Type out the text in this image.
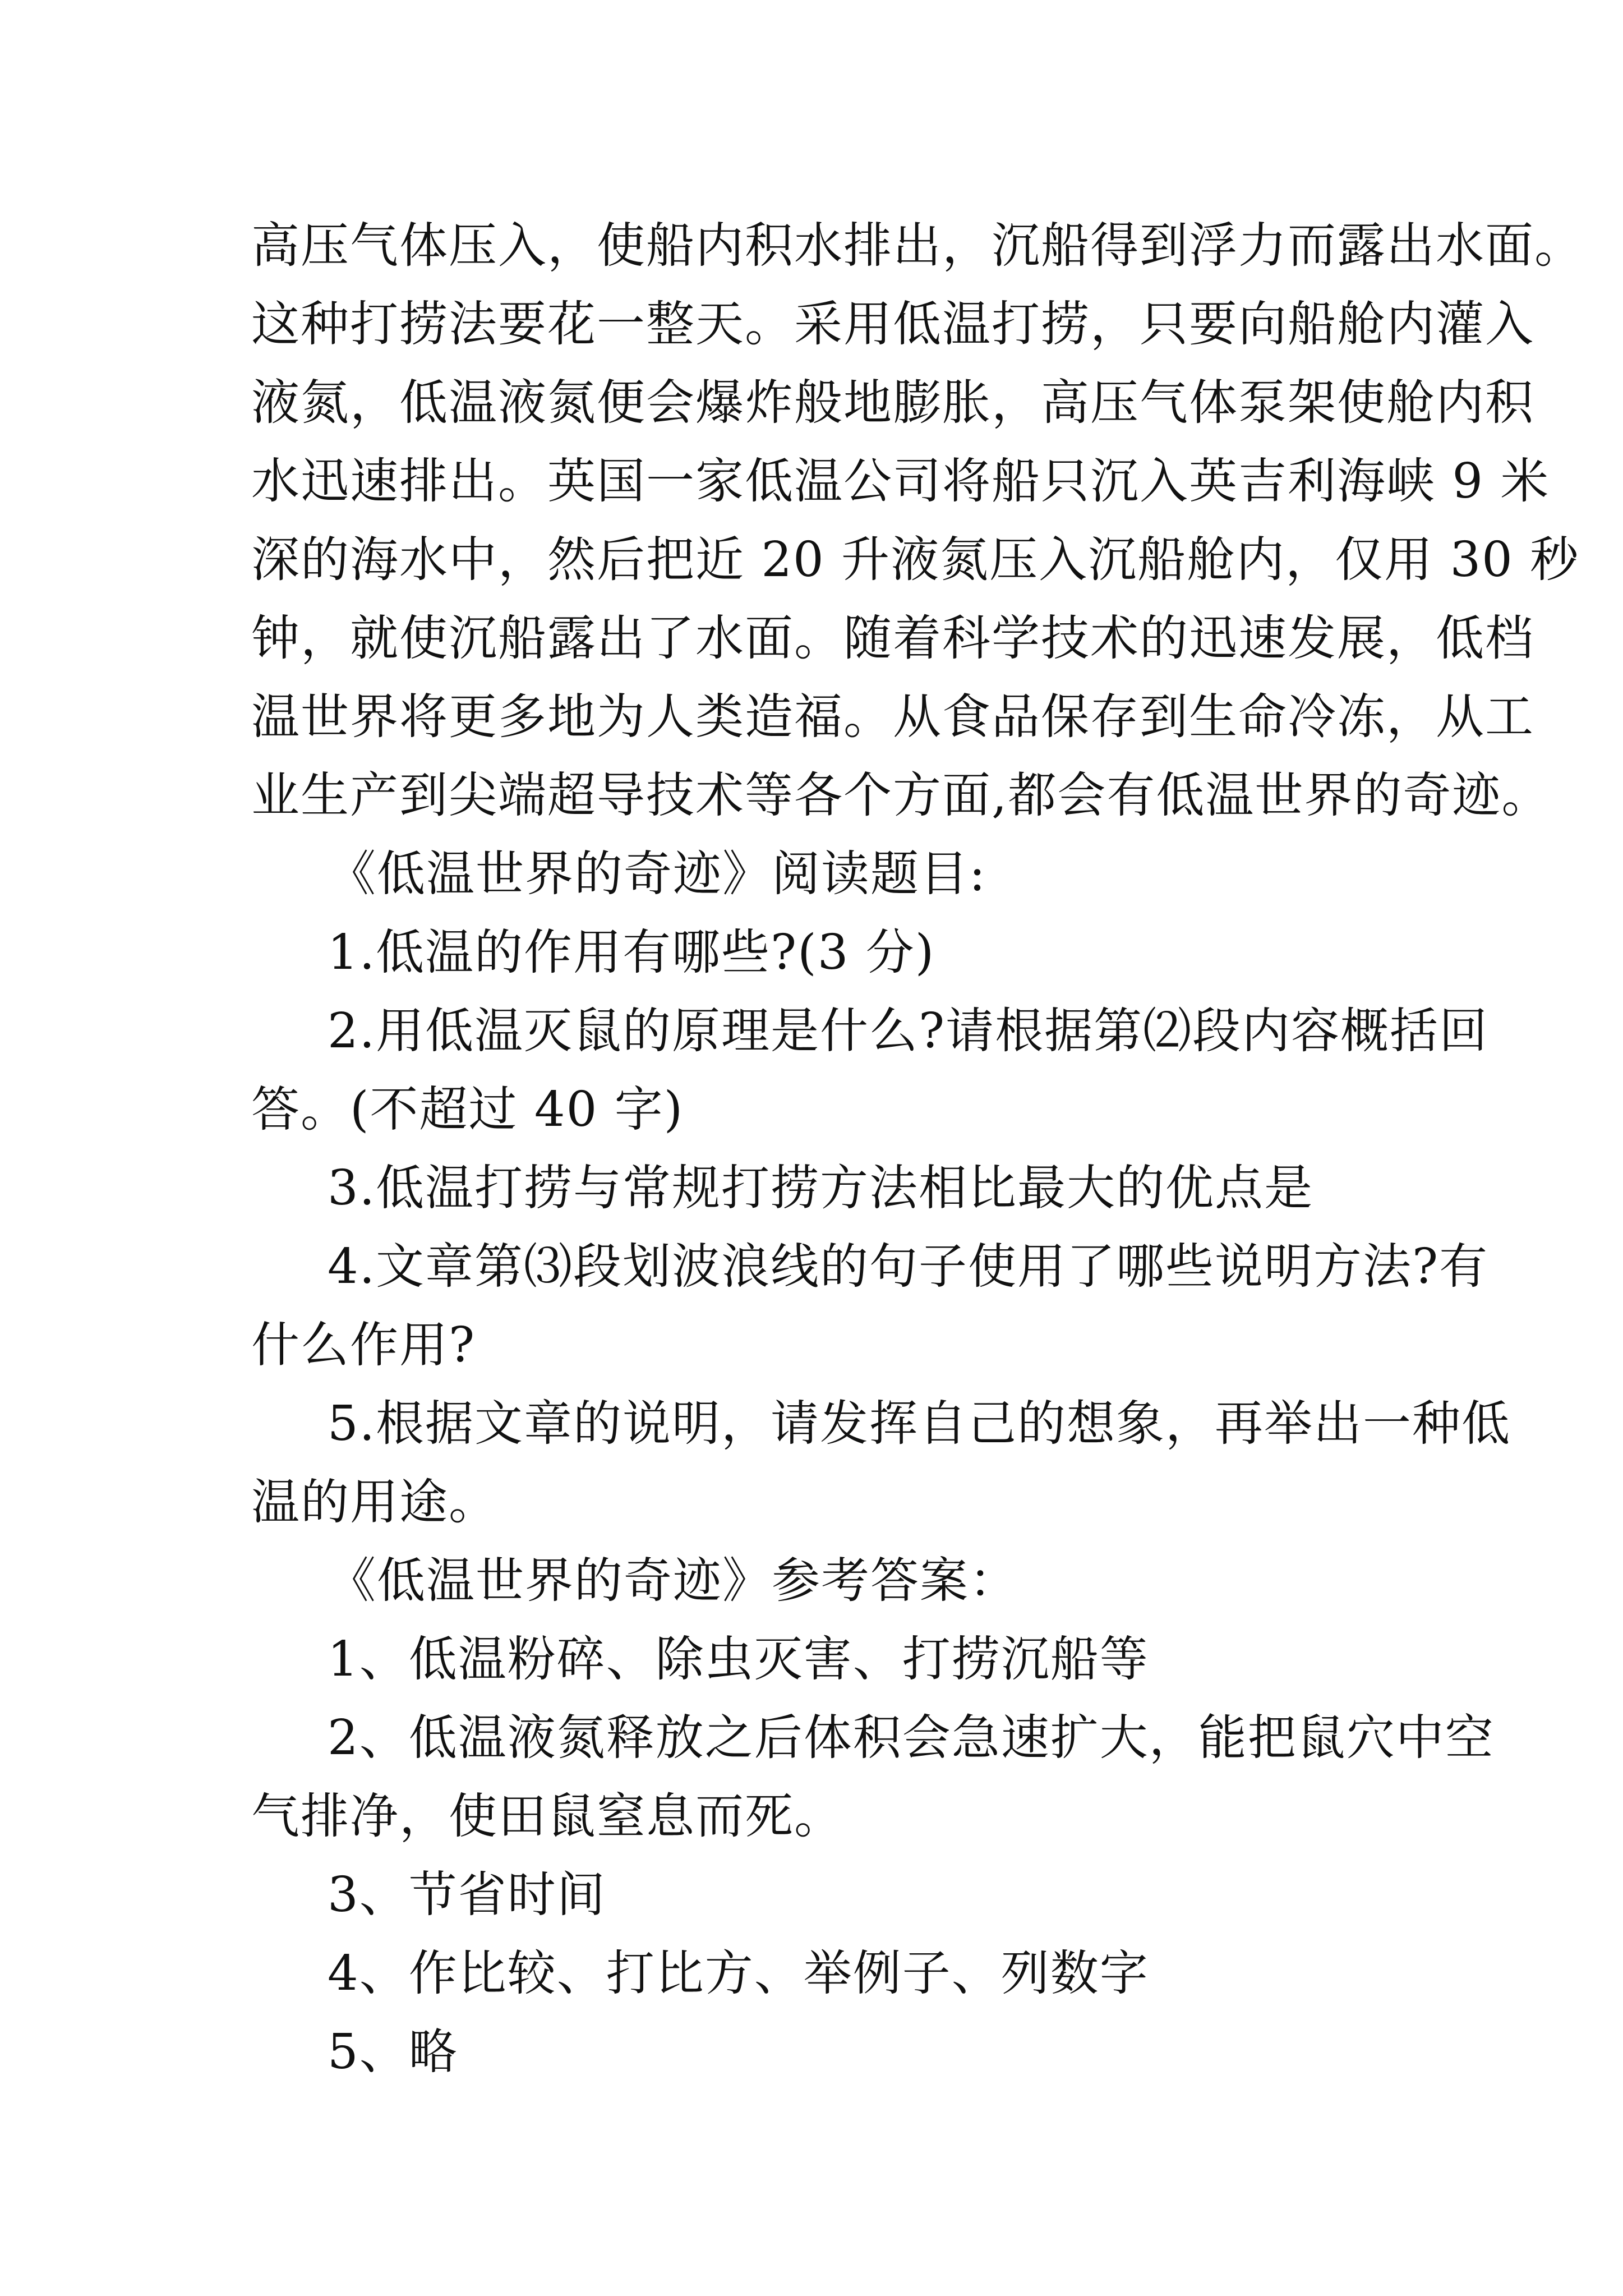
高压气体压入，使船内积水排出，沉船得到浮力而露出水面。
这种打捞法要花一整天。采用低温打捞，只要向船舱内灌入
液氮，低温液氮便会爆炸般地膨胀，高压气体泵架使舱内积
水迅速排出。英国一家低温公司将船只沉入英吉利海峡 9 米
深的海水中，然后把近 20 升液氮压入沉船舱内，仅用 30 秒
钟，就使沉船露出了水面。随着科学技术的迅速发展，低档
温世界将更多地为人类造福。从食品保存到生命冷冻，从工
业生产到尖端超导技术等各个方面,都会有低温世界的奇迹。
《低温世界的奇迹》阅读题目:
1.低温的作用有哪些?(3 分)
2.用低温灭鼠的原理是什么?请根据第⑵段内容概括回
答。(不超过 40 字)
3.低温打捞与常规打捞方法相比最大的优点是
4.文章第⑶段划波浪线的句子使用了哪些说明方法?有
什么作用?
5.根据文章的说明，请发挥自己的想象，再举出一种低
温的用途。
《低温世界的奇迹》参考答案：
1、低温粉碎、除虫灭害、打捞沉船等
2、低温液氮释放之后体积会急速扩大，能把鼠穴中空
气排净，使田鼠窒息而死。
3、节省时间
4、作比较、打比方、举例子、列数字
5、略
